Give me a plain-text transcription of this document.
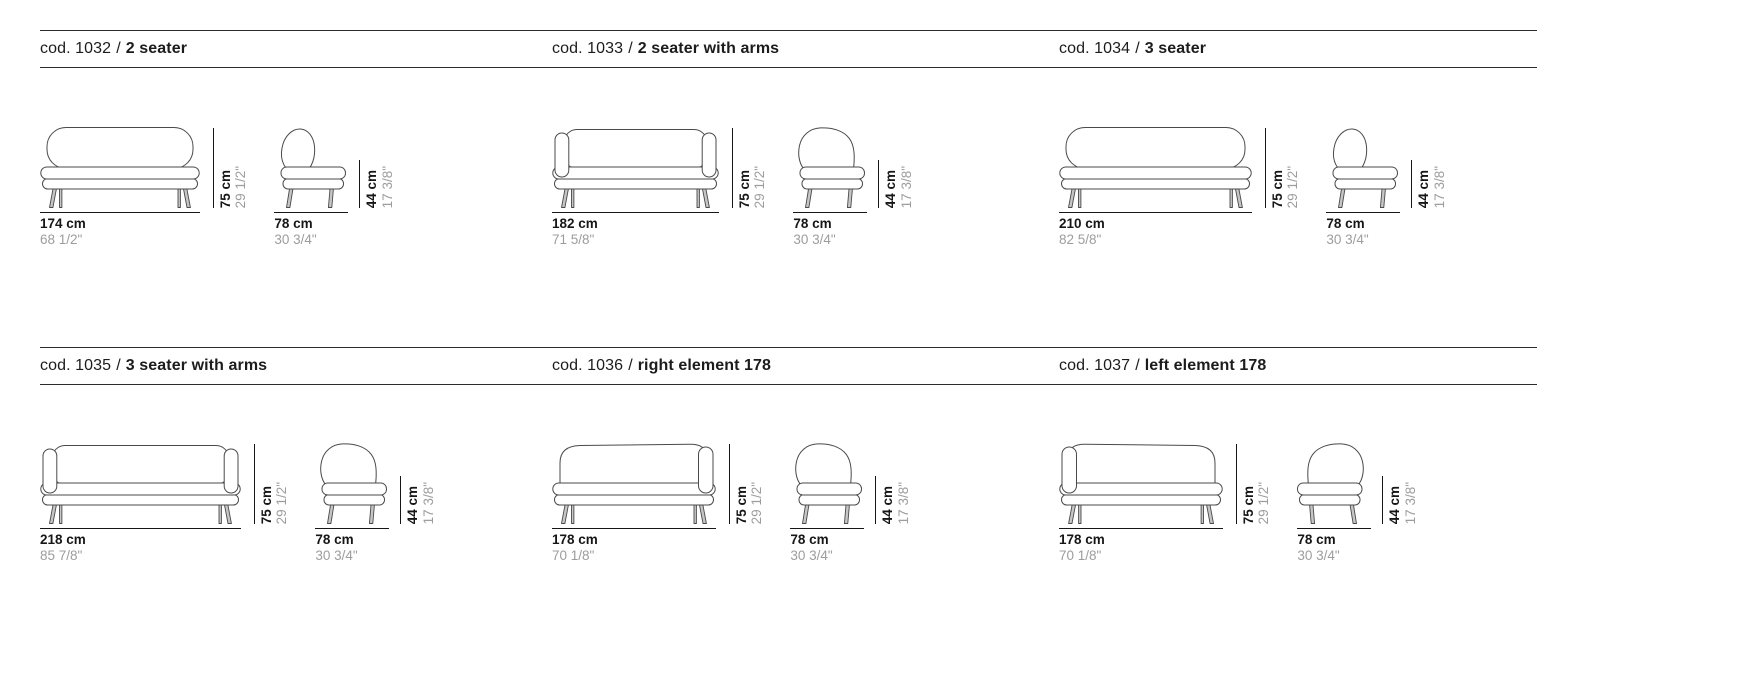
cod. 1032 / 2 seater	cod. 1033 / 2 seater with arms	cod. 1034 / 3 seater
cod. 1035 / 3 seater with arms	cod. 1036 / right element 178	cod. 1037 / left element 178
75 cm 29 1/2"
174 cm
68 1/2"
44 cm 17 3/8"
78 cm
30 3/4"
75 cm 29 1/2"
182 cm
71 5/8"
44 cm 17 3/8"
78 cm
30 3/4"
75 cm 29 1/2"
210 cm
82 5/8"
44 cm 17 3/8"
78 cm
30 3/4"
75 cm 29 1/2"
218 cm
85 7/8"
44 cm 17 3/8"
78 cm
30 3/4"
75 cm 29 1/2"
178 cm
70 1/8"
44 cm 17 3/8"
78 cm
30 3/4"
75 cm 29 1/2"
178 cm
70 1/8"
44 cm 17 3/8"
78 cm
30 3/4"
